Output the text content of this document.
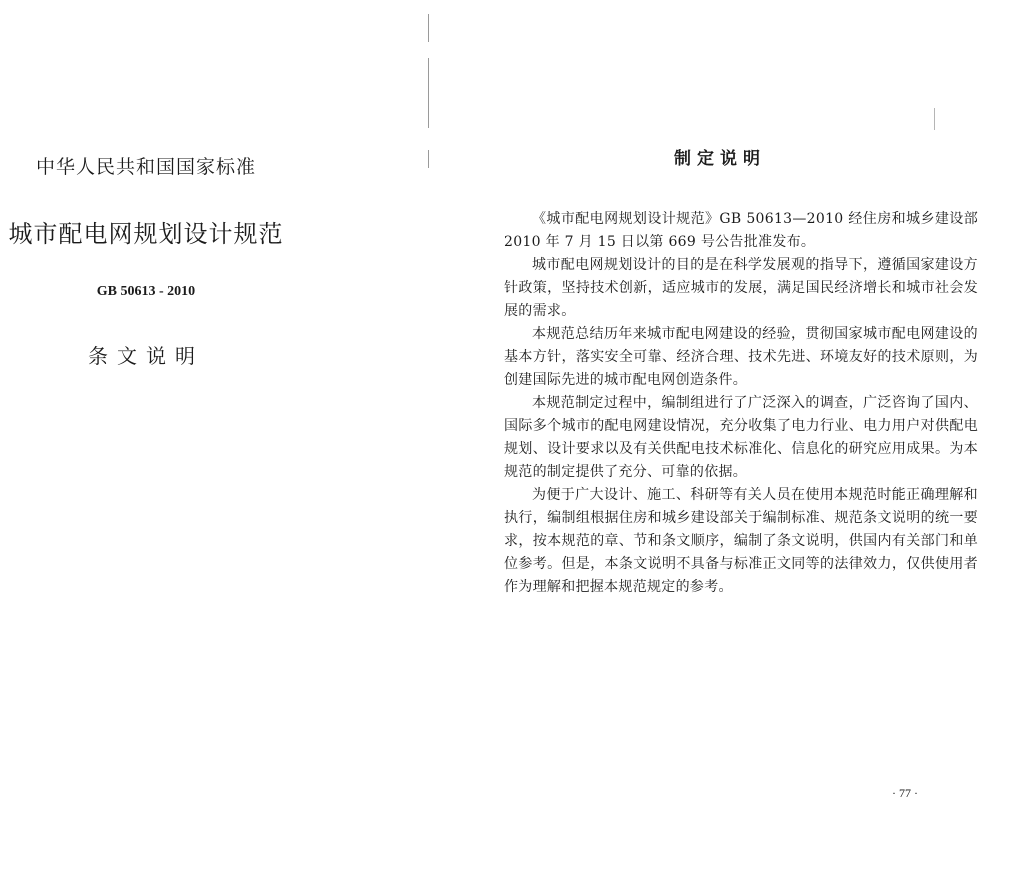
中华人民共和国国家标准
城市配电网规划设计规范
GB 50613 - 2010
条文说明
制定说明

《城市配电网规划设计规范》GB 50613—2010 经住房和城乡建设部 2010 年 7 月 15 日以第 669 号公告批准发布。

城市配电网规划设计的目的是在科学发展观的指导下，遵循国家建设方针政策，坚持技术创新，适应城市的发展，满足国民经济增长和城市社会发展的需求。

本规范总结历年来城市配电网建设的经验，贯彻国家城市配电网建设的基本方针，落实安全可靠、经济合理、技术先进、环境友好的技术原则，为创建国际先进的城市配电网创造条件。

本规范制定过程中，编制组进行了广泛深入的调查，广泛咨询了国内、国际多个城市的配电网建设情况，充分收集了电力行业、电力用户对供配电规划、设计要求以及有关供配电技术标准化、信息化的研究应用成果。为本规范的制定提供了充分、可靠的依据。

为便于广大设计、施工、科研等有关人员在使用本规范时能正确理解和执行，编制组根据住房和城乡建设部关于编制标准、规范条文说明的统一要求，按本规范的章、节和条文顺序，编制了条文说明，供国内有关部门和单位参考。但是，本条文说明不具备与标准正文同等的法律效力，仅供使用者作为理解和把握本规范规定的参考。

· 77 ·
